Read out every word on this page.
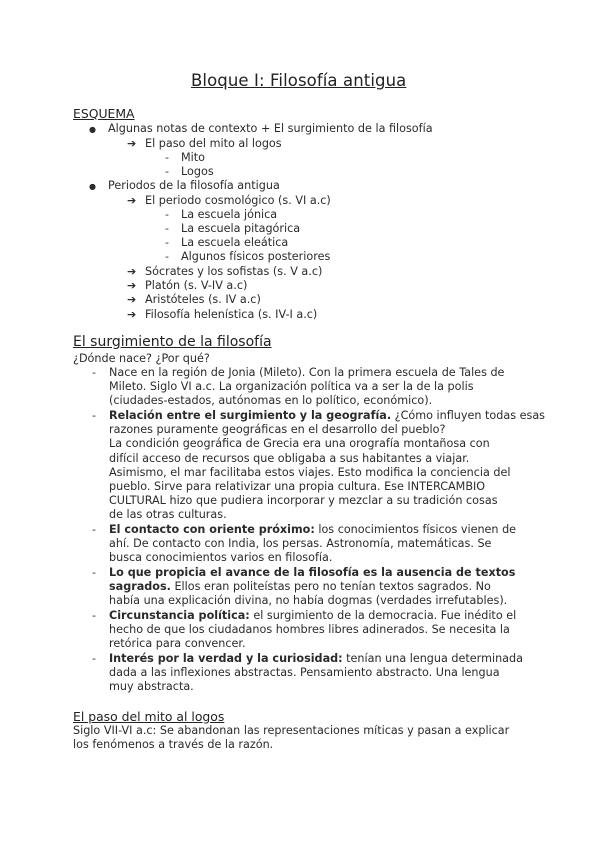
Bloque I: Filosofía antigua
ESQUEMA
● Algunas notas de contexto + El surgimiento de la filosofía
➔ El paso del mito al logos
- Mito
- Logos
● Periodos de la filosofía antigua
➔ El periodo cosmológico (s. VI a.c)
- La escuela jónica
- La escuela pitagórica
- La escuela eleática
- Algunos físicos posteriores
➔ Sócrates y los sofistas (s. V a.c)
➔ Platón (s. V-IV a.c)
➔ Aristóteles (s. IV a.c)
➔ Filosofía helenística (s. IV-I a.c)
El surgimiento de la filosofía
¿Dónde nace? ¿Por qué?
- Nace en la región de Jonia (Mileto). Con la primera escuela de Tales de
Mileto. Siglo VI a.c. La organización política va a ser la de la polis
(ciudades-estados, autónomas en lo político, económico).
- Relación entre el surgimiento y la geografía. ¿Cómo influyen todas esas
razones puramente geográficas en el desarrollo del pueblo?
La condición geográfica de Grecia era una orografía montañosa con
difícil acceso de recursos que obligaba a sus habitantes a viajar.
Asimismo, el mar facilitaba estos viajes. Esto modifica la conciencia del
pueblo. Sirve para relativizar una propia cultura. Ese INTERCAMBIO
CULTURAL hizo que pudiera incorporar y mezclar a su tradición cosas
de las otras culturas.
- El contacto con oriente próximo: los conocimientos físicos vienen de
ahí. De contacto con India, los persas. Astronomía, matemáticas. Se
busca conocimientos varios en filosofía.
- Lo que propicia el avance de la filosofía es la ausencia de textos
sagrados. Ellos eran politeístas pero no tenían textos sagrados. No
había una explicación divina, no había dogmas (verdades irrefutables).
- Circunstancia política: el surgimiento de la democracia. Fue inédito el
hecho de que los ciudadanos hombres libres adinerados. Se necesita la
retórica para convencer.
- Interés por la verdad y la curiosidad: tenían una lengua determinada
dada a las inflexiones abstractas. Pensamiento abstracto. Una lengua
muy abstracta.
El paso del mito al logos
Siglo VII-VI a.c: Se abandonan las representaciones míticas y pasan a explicar
los fenómenos a través de la razón.
